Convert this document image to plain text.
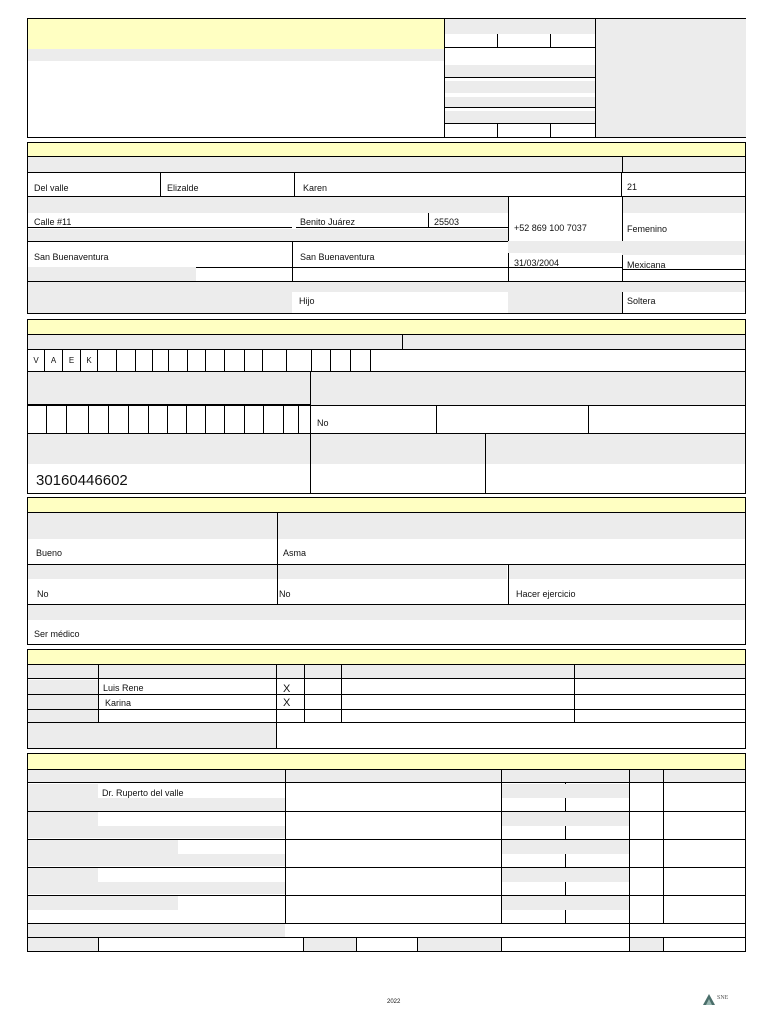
Del valle	Elizalde	Karen	21
Calle #11	Benito Juárez	25503
+52 869 100 7037	Femenino
San Buenaventura	San Buenaventura
31/03/2004	Mexicana
Hijo	Soltera
V	A	E	K
No
30160446602
Bueno	Asma
No	No	Hacer ejercicio
Ser médico
Luis Rene	X
Karina	X
Dr. Ruperto del valle
2022
SNE
